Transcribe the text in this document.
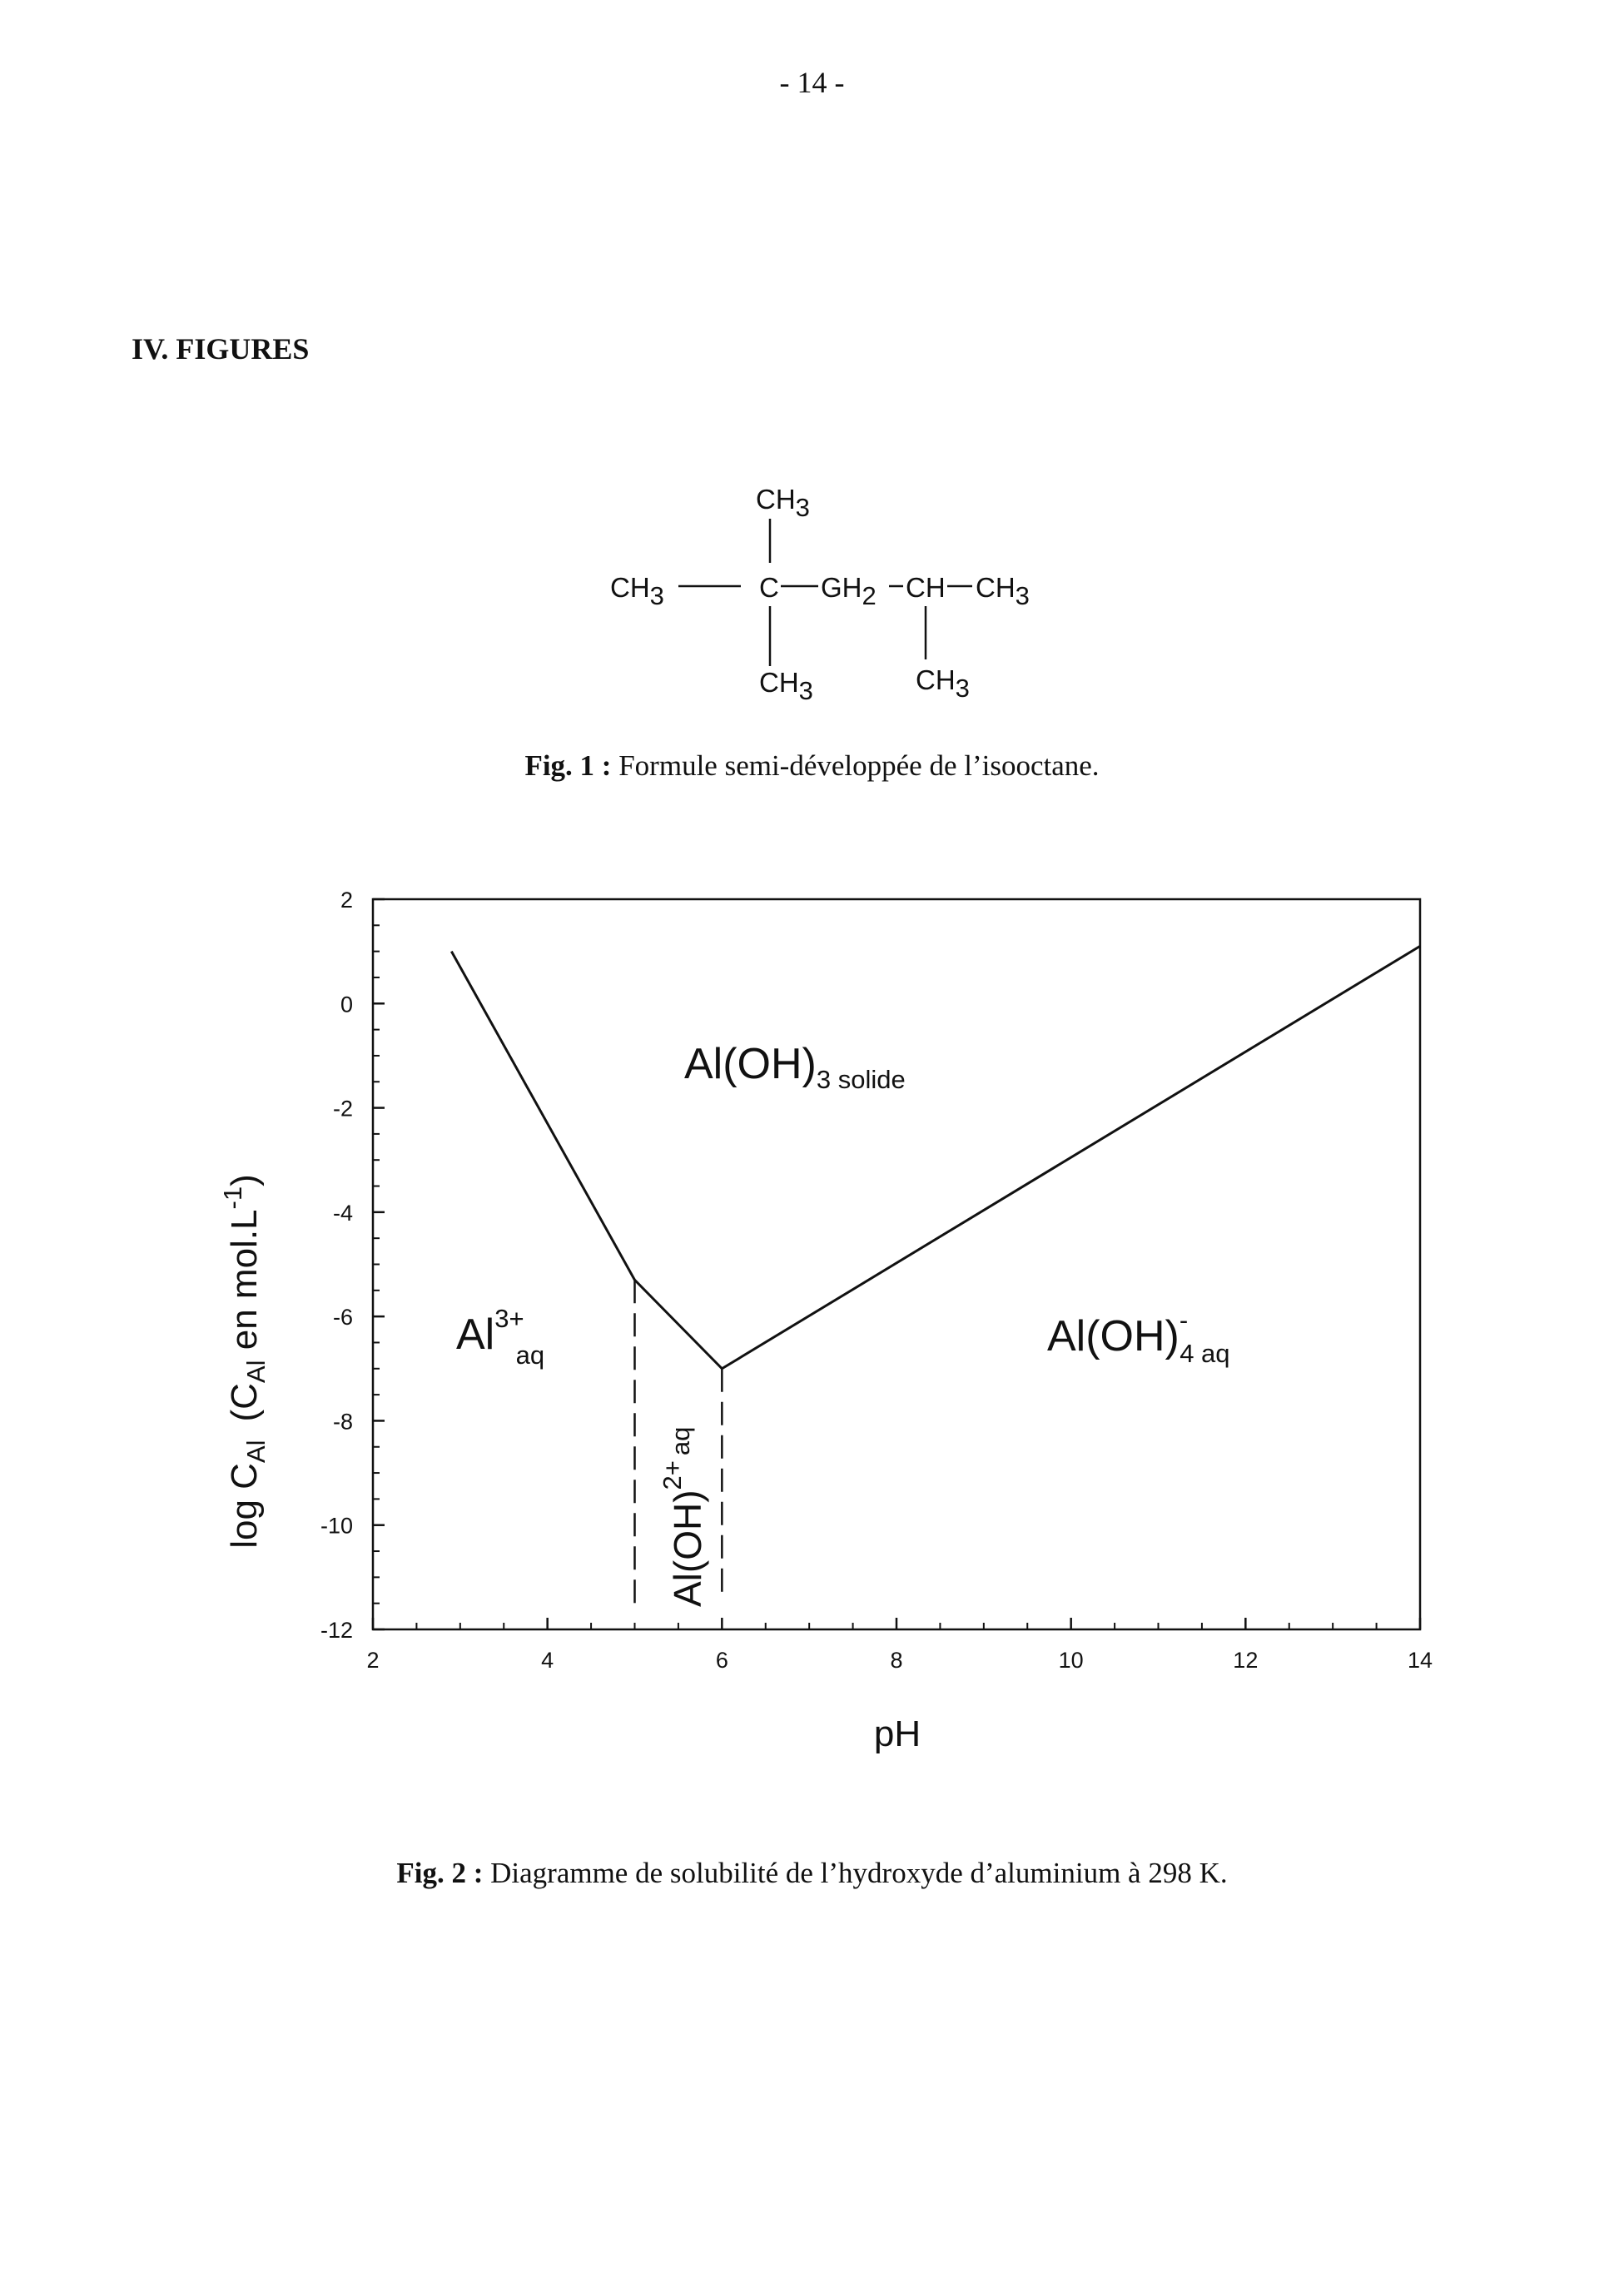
- 14 -
IV. FIGURES
CH3
CH3	C GH2 CH CH3
CH3	CH3
Fig. 1 : Formule semi-développée de l’isooctane.
2	4	6	8	10	12	14
2
0
-2
-4
-6
-8
-10
-12
pH
$\log C_{Al}(C_{Al}$ en $mol.L^{-1}$)
$Al(OH)_{3 solide}$
$Al^{3+}$ aq	Al(OH)-4 aq
Al(OH)$^{2+}_{aq}$
Fig. 2 : Diagramme de solubilité de l’hydroxyde d’aluminium à 298 K.
